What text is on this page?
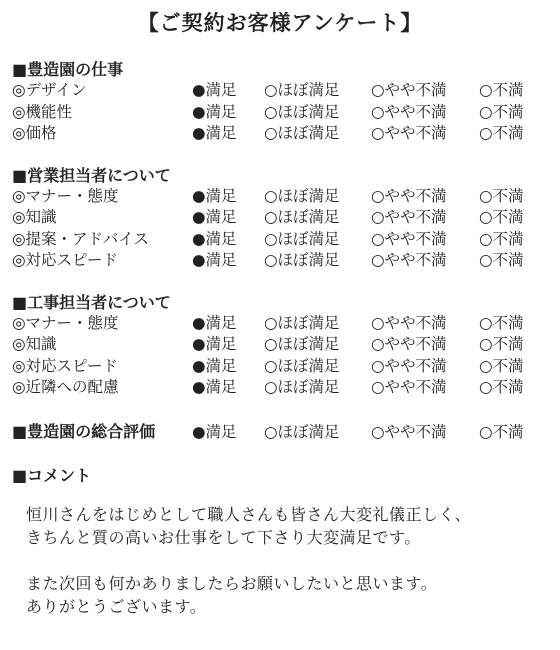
【ご契約お客様アンケート】
■豊造園の仕事
◎デザイン	●満足 ○ほぼ満足 ○やや不満 ○不満
◎機能性	●満足 ○ほぼ満足 ○やや不満 ○不満
◎価格	●満足 ○ほぼ満足 ○やや不満 ○不満
■営業担当者について
◎マナー・態度	●満足 ○ほぼ満足 ○やや不満 ○不満
◎知識	●満足 ○ほぼ満足 ○やや不満 ○不満
◎提案・アドバイス	●満足 ○ほぼ満足 ○やや不満 ○不満
◎対応スピード	●満足 ○ほぼ満足 ○やや不満 ○不満
■工事担当者について
◎マナー・態度	●満足 ○ほぼ満足 ○やや不満 ○不満
◎知識	●満足 ○ほぼ満足 ○やや不満 ○不満
◎対応スピード	●満足 ○ほぼ満足 ○やや不満 ○不満
◎近隣への配慮	●満足 ○ほぼ満足 ○やや不満 ○不満
■豊造園の総合評価 ●満足 ○ほぼ満足 ○やや不満 ○不満
■コメント
恒川さんをはじめとして職人さんも皆さん大変礼儀正しく、
きちんと質の高いお仕事をして下さり大変満足です。
また次回も何かありましたらお願いしたいと思います。
ありがとうございます。
